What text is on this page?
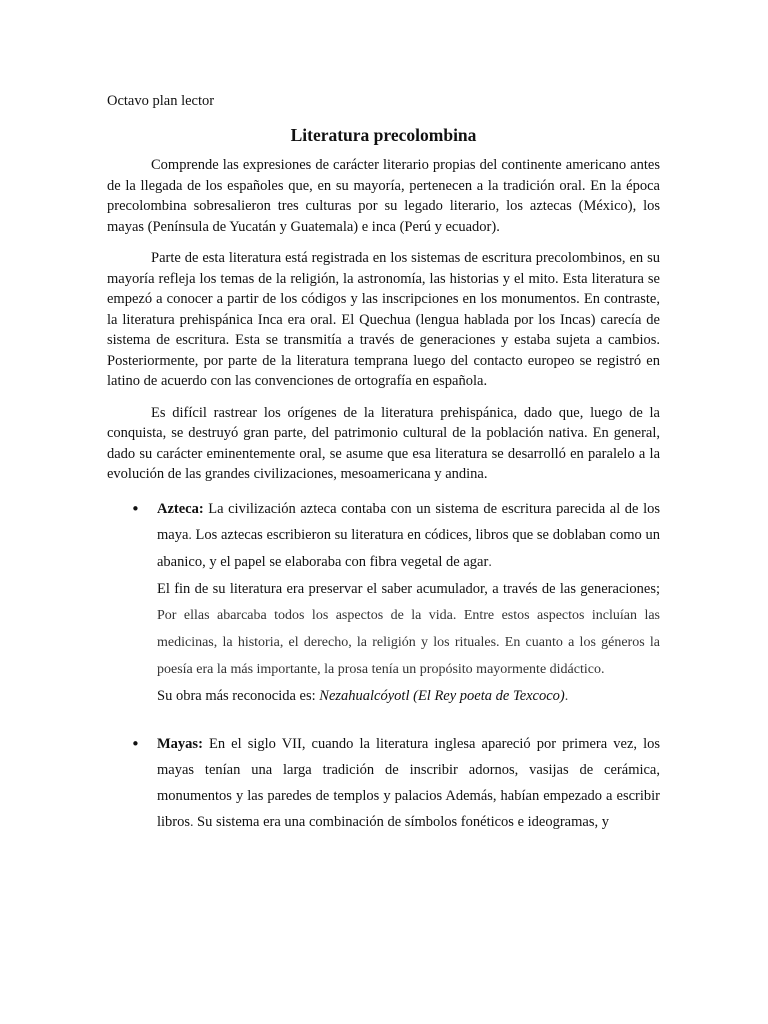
Octavo plan lector
Literatura precolombina

Comprende las expresiones de carácter literario propias del continente americano antes de la llegada de los españoles que, en su mayoría, pertenecen a la tradición oral. En la época precolombina sobresalieron tres culturas por su legado literario, los aztecas (México), los mayas (Península de Yucatán y Guatemala) e inca (Perú y ecuador).

Parte de esta literatura está registrada en los sistemas de escritura precolombinos, en su mayoría refleja los temas de la religión, la astronomía, las historias y el mito. Esta literatura se empezó a conocer a partir de los códigos y las inscripciones en los monumentos. En contraste, la literatura prehispánica Inca era oral. El Quechua (lengua hablada por los Incas) carecía de sistema de escritura. Esta se transmitía a través de generaciones y estaba sujeta a cambios. Posteriormente, por parte de la literatura temprana luego del contacto europeo se registró en latino de acuerdo con las convenciones de ortografía en española.

Es difícil rastrear los orígenes de la literatura prehispánica, dado que, luego de la conquista, se destruyó gran parte, del patrimonio cultural de la población nativa. En general, dado su carácter eminentemente oral, se asume que esa literatura se desarrolló en paralelo a la evolución de las grandes civilizaciones, mesoamericana y andina.

• Azteca: La civilización azteca contaba con un sistema de escritura parecida al de los maya. Los aztecas escribieron su literatura en códices, libros que se doblaban como un abanico, y el papel se elaboraba con fibra vegetal de agar.

El fin de su literatura era preservar el saber acumulador, a través de las generaciones; Por ellas abarcaba todos los aspectos de la vida. Entre estos aspectos incluían las medicinas, la historia, el derecho, la religión y los rituales. En cuanto a los géneros la poesía era la más importante, la prosa tenía un propósito mayormente didáctico.

Su obra más reconocida es: Nezahualcóyotl (El Rey poeta de Texcoco).

• Mayas: En el siglo VII, cuando la literatura inglesa apareció por primera vez, los mayas tenían una larga tradición de inscribir adornos, vasijas de cerámica, monumentos y las paredes de templos y palacios Además, habían empezado a escribir libros. Su sistema era una combinación de símbolos fonéticos e ideogramas, y
